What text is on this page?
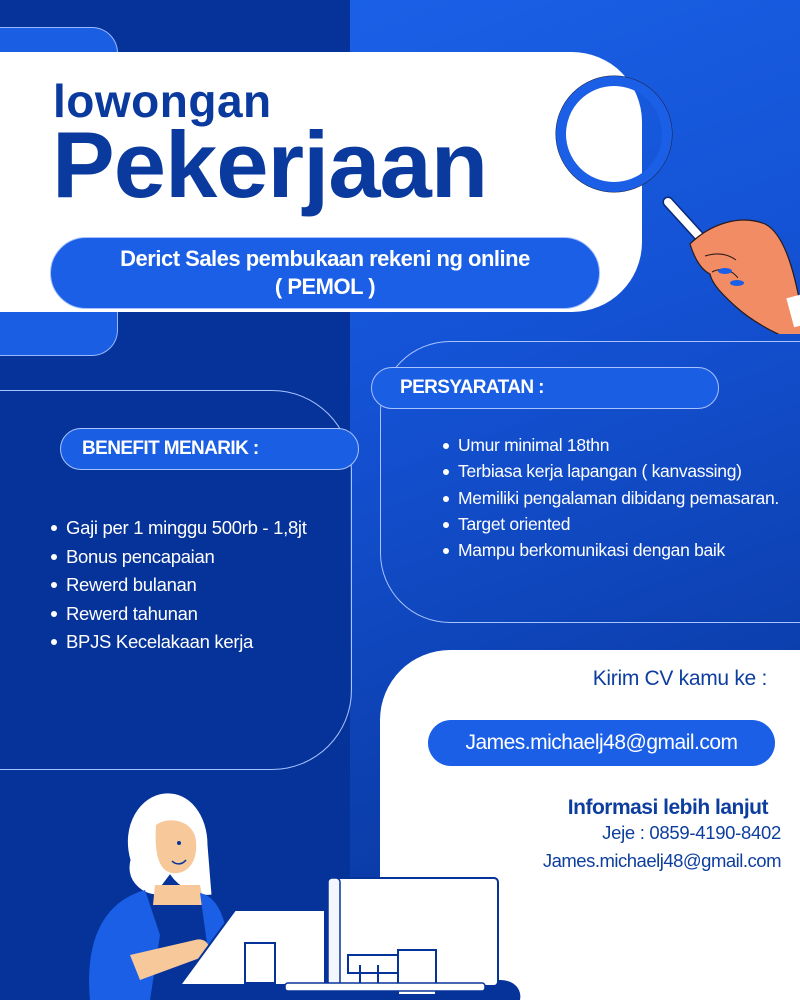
lowongan
Pekerjaan
Derict Sales pembukaan rekeni ng online
( PEMOL )
BENEFIT MENARIK :
Gaji per 1 minggu 500rb - 1,8jt
Bonus pencapaian
Rewerd bulanan
Rewerd tahunan
BPJS Kecelakaan kerja
PERSYARATAN :
Umur minimal 18thn
Terbiasa kerja lapangan ( kanvassing)
Memiliki pengalaman dibidang pemasaran.
Target oriented
Mampu berkomunikasi dengan baik
Kirim CV kamu ke :
James.michaelj48@gmail.com
Informasi lebih lanjut
Jeje : 0859-4190-8402
James.michaelj48@gmail.com
